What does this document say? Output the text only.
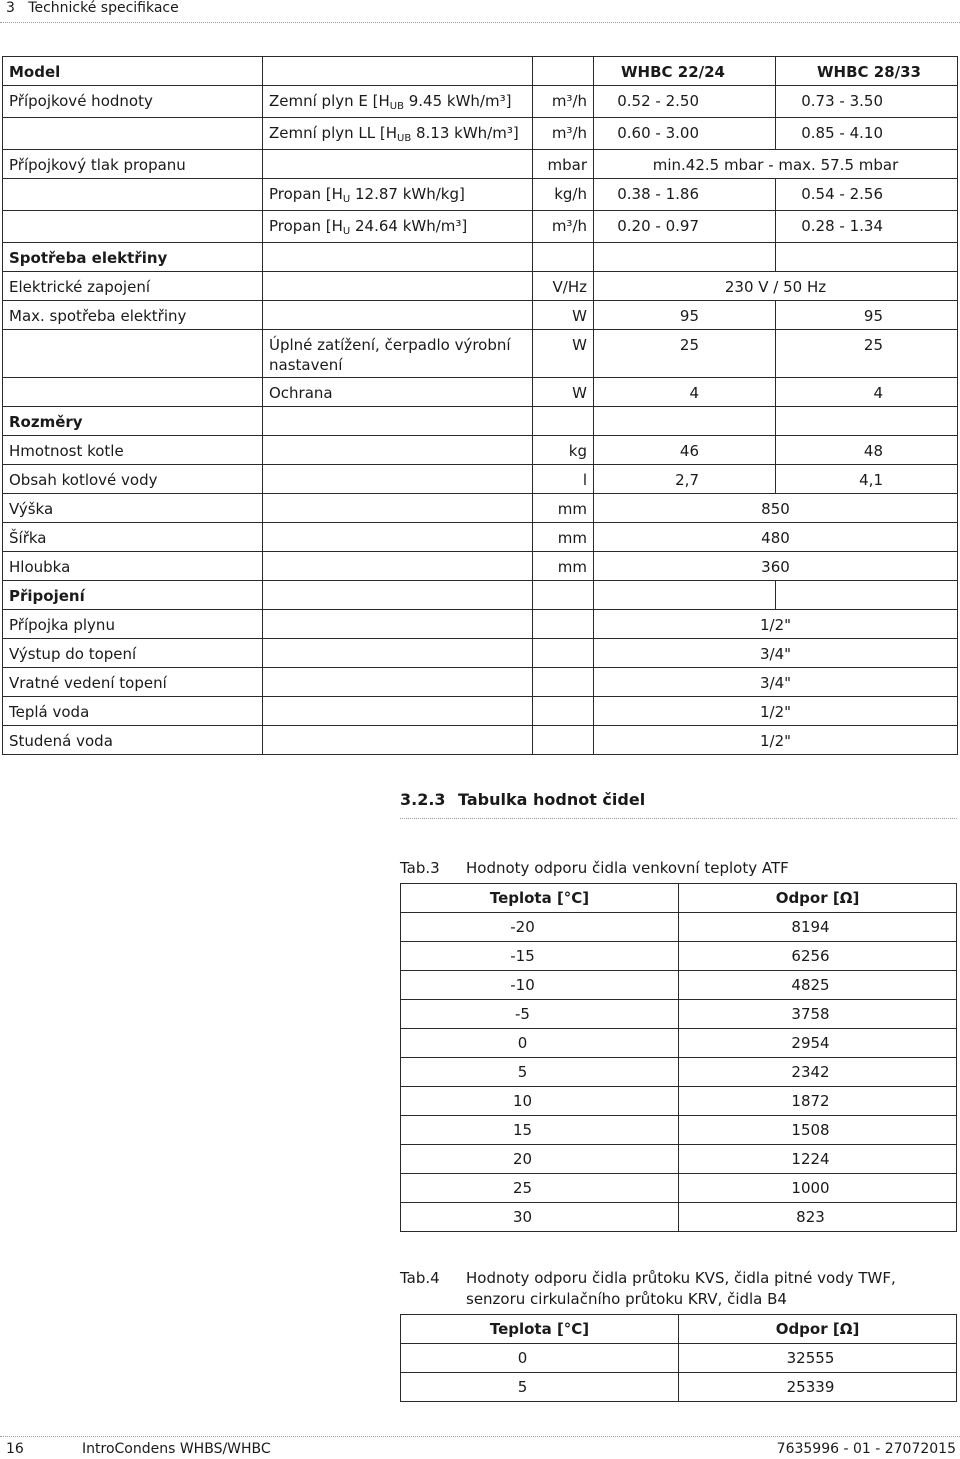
3 Technické specifikace
Model			WHBC 22/24	WHBC 28/33
Přípojkové hodnoty	Zemní plyn E [$H_{UB}$ 9.45 kWh/m³]	m³/h	0.52 - 2.50	0.73 - 3.50
	Zemní plyn LL [$H_{UB}$ 8.13 kWh/m³]	m³/h	0.60 - 3.00	0.85 - 4.10
Přípojkový tlak propanu		mbar	min.42.5 mbar - max. 57.5 mbar	
	Propan [$H_U$ 12.87 kWh/kg]	kg/h	0.38 - 1.86	0.54 - 2.56
	Propan [$H_U$ 24.64 kWh/m³]	m³/h	0.20 - 0.97	0.28 - 1.34
Spotřeba elektřiny				
Elektrické zapojení		V/Hz	230 V / 50 Hz	
Max. spotřeba elektřiny		W	95	95
	Úplné zatížení, čerpadlo výrobní nastavení	W	25	25
	Ochrana	W	4	4
Rozměry				
Hmotnost kotle		kg	46	48
Obsah kotlové vody		l	2,7	4,1
Výška		mm	850	
Šířka		mm	480	
Hloubka		mm	360	
Připojení				
Přípojka plynu			1/2"	
Výstup do topení			3/4"	
Vratné vedení topení			3/4"	
Teplá voda			1/2"	
Studená voda			1/2"	
3.2.3 Tabulka hodnot čidel
Tab.3 Hodnoty odporu čidla venkovní teploty ATF
Teplota [°C]	Odpor [Ω]
-20	8194
-15	6256
-10	4825
-5	3758
0	2954
5	2342
10	1872
15	1508
20	1224
25	1000
30	823
Tab.4 Hodnoty odporu čidla průtoku KVS, čidla pitné vody TWF, senzoru cirkulačního průtoku KRV, čidla B4
Teplota [°C]	Odpor [Ω]
0	32555
5	25339
16	IntroCondens WHBS/WHBC	7635996 - 01 - 27072015
